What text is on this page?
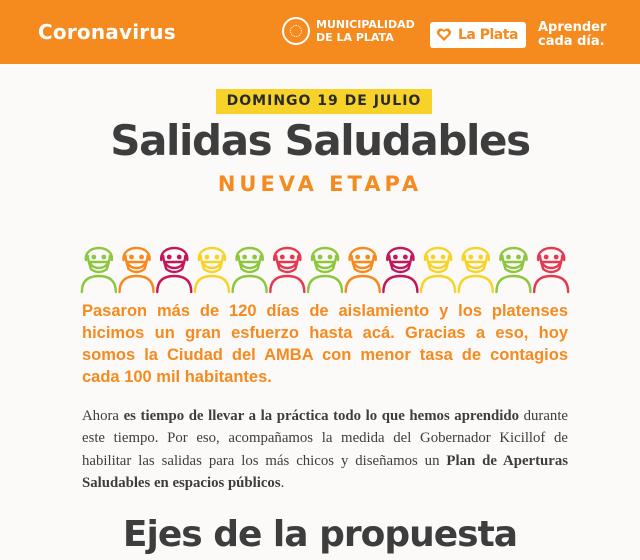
Coronavirus	MUNICIPALIDAD
DE LA PLATA	La Plata Aprender
cada día.
DOMINGO 19 DE JULIO
Salidas Saludables
NUEVA ETAPA
Pasaron más de 120 días de aislamiento y los platenses hicimos un gran esfuerzo hasta acá. Gracias a eso, hoy somos la Ciudad del AMBA con menor tasa de contagios cada 100 mil habitantes.
Ahora es tiempo de llevar a la práctica todo lo que hemos aprendido durante este tiempo. Por eso, acompañamos la medida del Gobernador Kicillof de habilitar las salidas para los más chicos y diseñamos un Plan de Aperturas Saludables en espacios públicos.
Ejes de la propuesta
